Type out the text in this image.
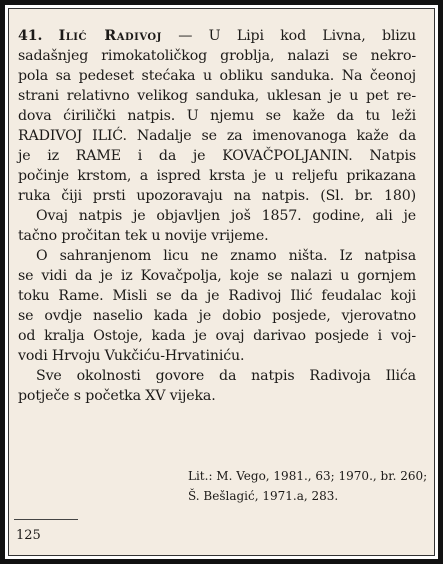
41. Ilić Radivoj — U Lipi kod Livna, blizu
sadašnjeg rimokatoličkog groblja, nalazi se nekro-
pola sa pedeset stećaka u obliku sanduka. Na čeonoj
strani relativno velikog sanduka, uklesan je u pet re-
dova ćirilički natpis. U njemu se kaže da tu leži
RADIVOJ ILIĆ. Nadalje se za imenovanoga kaže da
je iz RAME i da je KOVAČPOLJANIN. Natpis
počinje krstom, a ispred krsta je u reljefu prikazana
ruka čiji prsti upozoravaju na natpis. (Sl. br. 180)
Ovaj natpis je objavljen još 1857. godine, ali je
tačno pročitan tek u novije vrijeme.
O sahranjenom licu ne znamo ništa. Iz natpisa
se vidi da je iz Kovačpolja, koje se nalazi u gornjem
toku Rame. Misli se da je Radivoj Ilić feudalac koji
se ovdje naselio kada je dobio posjede, vjerovatno
od kralja Ostoje, kada je ovaj darivao posjede i voj-
vodi Hrvoju Vukčiću-Hrvatiniću.
Sve okolnosti govore da natpis Radivoja Ilića
potječe s početka XV vijeka.
Lit.: M. Vego, 1981., 63; 1970., br. 260;
Š. Bešlagić, 1971.a, 283.
125
